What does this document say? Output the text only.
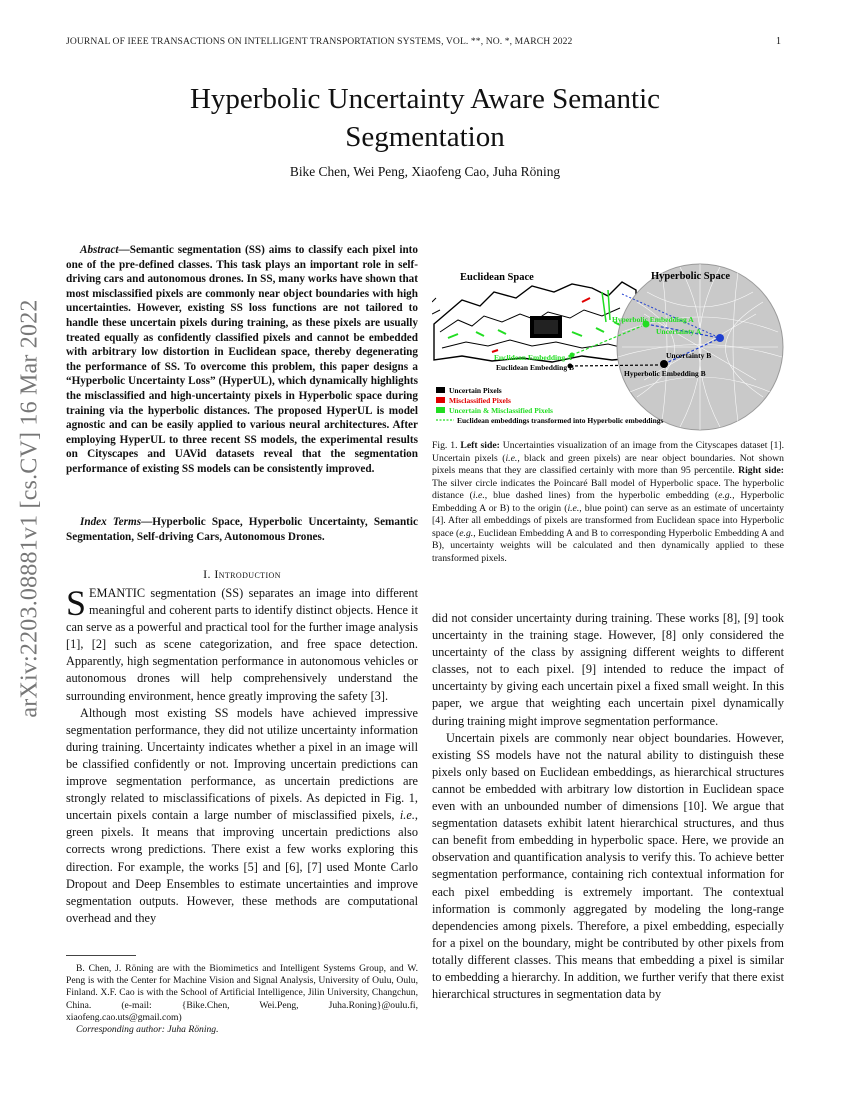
JOURNAL OF IEEE TRANSACTIONS ON INTELLIGENT TRANSPORTATION SYSTEMS, VOL. **, NO. *, MARCH 2022	1
arXiv:2203.08881v1 [cs.CV] 16 Mar 2022
Hyperbolic Uncertainty Aware Semantic
Segmentation
Bike Chen, Wei Peng, Xiaofeng Cao, Juha Röning
Abstract—Semantic segmentation (SS) aims to classify each pixel into one of the pre-defined classes. This task plays an important role in self-driving cars and autonomous drones. In SS, many works have shown that most misclassified pixels are commonly near object boundaries with high uncertainties. However, existing SS loss functions are not tailored to handle these uncertain pixels during training, as these pixels are usually treated equally as confidently classified pixels and cannot be embedded with arbitrary low distortion in Euclidean space, thereby degenerating the performance of SS. To overcome this problem, this paper designs a “Hyperbolic Uncertainty Loss” (HyperUL), which dynamically highlights the misclassified and high-uncertainty pixels in Hyperbolic space during training via the hyperbolic distances. The proposed HyperUL is model agnostic and can be easily applied to various neural architectures. After employing HyperUL to three recent SS models, the experimental results on Cityscapes and UAVid datasets reveal that the segmentation performance of existing SS models can be consistently improved.
Index Terms—Hyperbolic Space, Hyperbolic Uncertainty, Semantic Segmentation, Self-driving Cars, Autonomous Drones.
I. Introduction

SEMANTIC segmentation (SS) separates an image into different meaningful and coherent parts to identify distinct objects. Hence it can serve as a powerful and practical tool for the further image analysis [1], [2] such as scene categorization, and free space detection. Apparently, high segmentation performance in autonomous vehicles or autonomous drones will help comprehensively understand the surrounding environment, hence greatly improving the safety [3].

Although most existing SS models have achieved impressive segmentation performance, they did not utilize uncertainty information during training. Uncertainty indicates whether a pixel in an image will be classified confidently or not. Improving uncertain predictions can improve segmentation performance, as uncertain predictions are strongly related to misclassifications of pixels. As depicted in Fig. 1, uncertain pixels contain a large number of misclassified pixels, i.e., green pixels. It means that improving uncertain predictions also corrects wrong predictions. There exist a few works exploring this direction. For example, the works [5] and [6], [7] used Monte Carlo Dropout and Deep Ensembles to estimate uncertainties and improve segmentation outputs. However, these methods are computational overhead and they

B. Chen, J. Röning are with the Biomimetics and Intelligent Systems Group, and W. Peng is with the Center for Machine Vision and Signal Analysis, University of Oulu, Oulu, Finland. X.F. Cao is with the School of Artificial Intelligence, Jilin University, Changchun, China. (e-mail: {Bike.Chen, Wei.Peng, Juha.Roning}@oulu.fi, xiaofeng.cao.uts@gmail.com)
Corresponding author: Juha Röning.
Euclidean Space	Hyperbolic Space
Euclidean Embedding A
Euclidean Embedding B
Hyperbolic Embedding A
Uncertainty A
Uncertainty B
Hyperbolic Embedding B
Uncertain Pixels
Misclassified Pixels
Uncertain & Misclassified Pixels
Euclidean embeddings transformed into Hyperbolic embeddings
Fig. 1. Left side: Uncertainties visualization of an image from the Cityscapes dataset [1]. Uncertain pixels (i.e., black and green pixels) are near object boundaries. Not shown pixels means that they are classified certainly with more than 95 percentile. Right side: The silver circle indicates the Poincaré Ball model of Hyperbolic space. The hyperbolic distance (i.e., blue dashed lines) from the hyperbolic embedding (e.g., Hyperbolic Embedding A or B) to the origin (i.e., blue point) can serve as an estimate of uncertainty [4]. After all embeddings of pixels are transformed from Euclidean space into Hyperbolic space (e.g., Euclidean Embedding A and B to corresponding Hyperbolic Embedding A and B), uncertainty weights will be calculated and then dynamically applied to these transformed pixels.

did not consider uncertainty during training. These works [8], [9] took uncertainty in the training stage. However, [8] only considered the uncertainty of the class by assigning different weights to different classes, not to each pixel. [9] intended to reduce the impact of uncertainty by giving each uncertain pixel a fixed small weight. In this paper, we argue that weighting each uncertain pixel dynamically during training might improve segmentation performance.

Uncertain pixels are commonly near object boundaries. However, existing SS models have not the natural ability to distinguish these pixels only based on Euclidean embeddings, as hierarchical structures cannot be embedded with arbitrary low distortion in Euclidean space even with an unbounded number of dimensions [10]. We argue that segmentation datasets exhibit latent hierarchical structures, and thus can benefit from embedding in hyperbolic space. Here, we provide an observation and quantification analysis to verify this. To achieve better segmentation performance, containing rich contextual information for each pixel embedding is extremely important. The contextual information is commonly aggregated by modeling the long-range dependencies among pixels. Therefore, a pixel embedding, especially for a pixel on the boundary, might be contributed by other pixels from totally different classes. This means that embedding a pixel is similar to embedding a hierarchy. In addition, we further verify that there exist hierarchical structures in segmentation data by
